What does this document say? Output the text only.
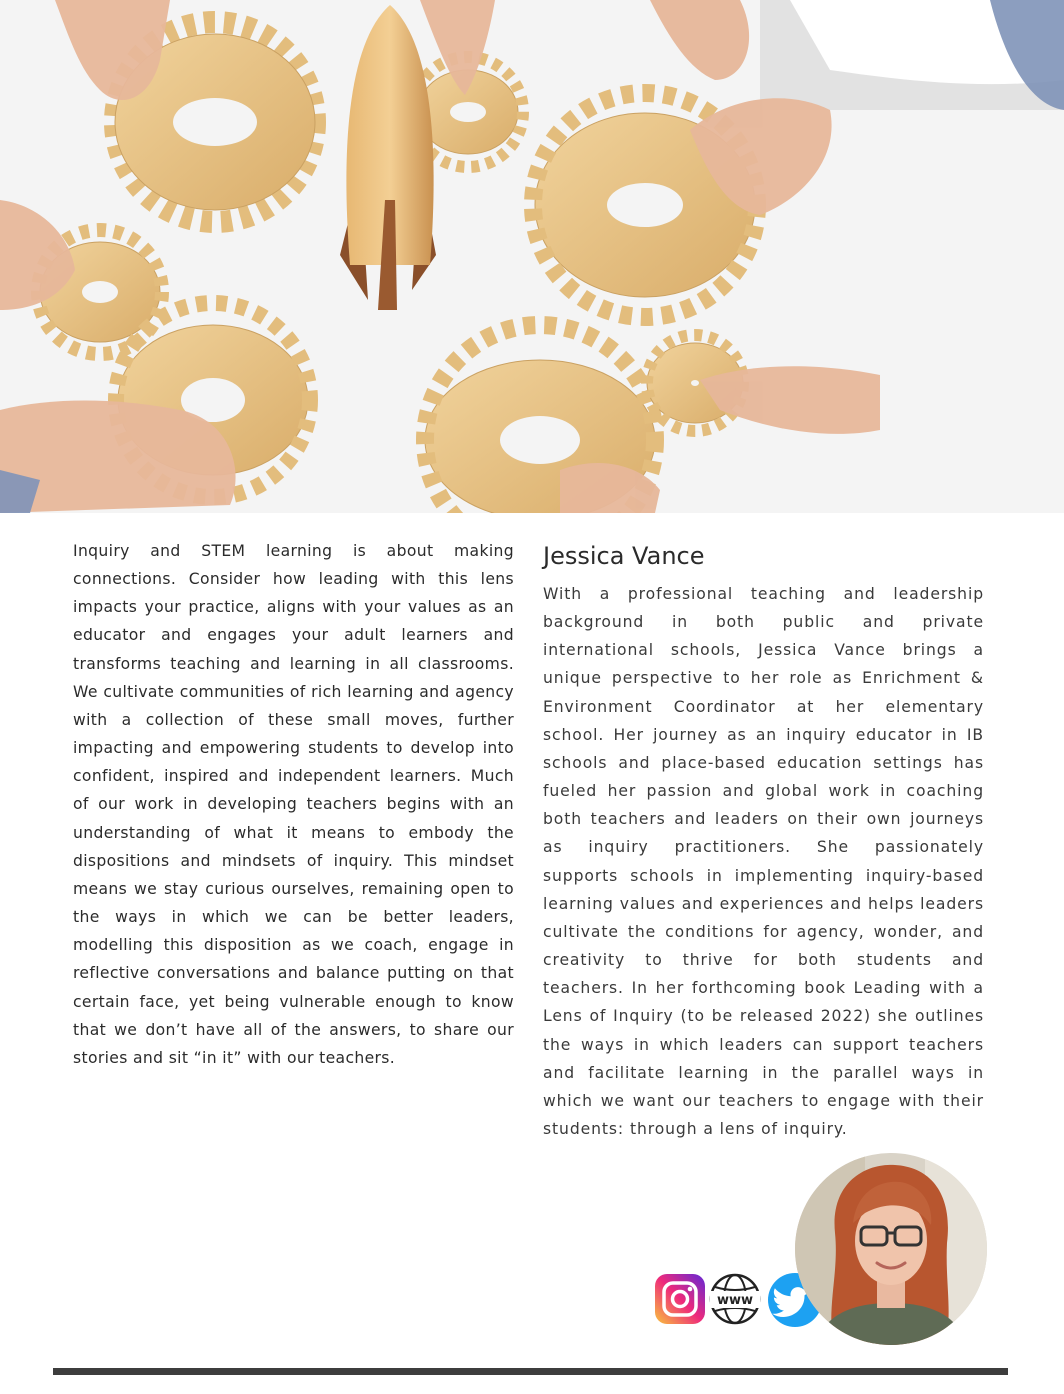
Inquiry and STEM learning is about making connections. Consider how leading with this lens impacts your practice, aligns with your values as an educator and engages your adult learners and transforms teaching and learning in all classrooms. We cultivate communities of rich learning and agency with a collection of these small moves, further impacting and empowering students to develop into confident, inspired and independent learners. Much of our work in developing teachers begins with an understanding of what it means to embody the dispositions and mindsets of inquiry. This mindset means we stay curious ourselves, remaining open to the ways in which we can be better leaders, modelling this disposition as we coach, engage in reflective conversations and balance putting on that certain face, yet being vulnerable enough to know that we don’t have all of the answers, to share our stories and sit “in it” with our teachers.

Jessica Vance

With a professional teaching and leadership background in both public and private international schools, Jessica Vance brings a unique perspective to her role as Enrichment & Environment Coordinator at her elementary school. Her journey as an inquiry educator in IB schools and place-based education settings has fueled her passion and global work in coaching both teachers and leaders on their own journeys as inquiry practitioners. She passionately supports schools in implementing inquiry-based learning values and experiences and helps leaders cultivate the conditions for agency, wonder, and creativity to thrive for both students and teachers. In her forthcoming book Leading with a Lens of Inquiry (to be released 2022) she outlines the ways in which leaders can support teachers and facilitate learning in the parallel ways in which we want our teachers to engage with their students: through a lens of inquiry.

www
